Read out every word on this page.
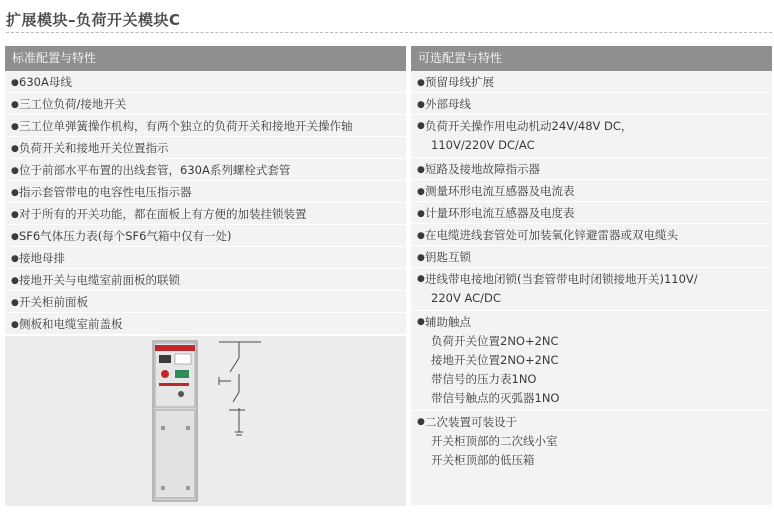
扩展模块–负荷开关模块C
标准配置与特性
●630A母线
●三工位负荷/接地开关
●三工位单弹簧操作机构，有两个独立的负荷开关和接地开关操作轴
●负荷开关和接地开关位置指示
●位于前部水平布置的出线套管，630A系列螺栓式套管
●指示套管带电的电容性电压指示器
●对于所有的开关功能，都在面板上有方便的加装挂锁装置
●SF6气体压力表(每个SF6气箱中仅有一处)
●接地母排
●接地开关与电缆室前面板的联锁
●开关柜前面板
●侧板和电缆室前盖板
可选配置与特性
●预留母线扩展
●外部母线
●负荷开关操作用电动机动24V/48V DC，
110V/220V DC/AC
●短路及接地故障指示器
●测量环形电流互感器及电流表
●计量环形电流互感器及电度表
●在电缆进线套管处可加装氧化锌避雷器或双电缆头
●钥匙互锁
●进线带电接地闭锁(当套管带电时闭锁接地开关)110V/
220V AC/DC
●辅助触点
负荷开关位置2NO+2NC
接地开关位置2NO+2NC
带信号的压力表1NO
带信号触点的灭弧器1NO
●二次装置可装设于
开关柜顶部的二次线小室
开关柜顶部的低压箱
